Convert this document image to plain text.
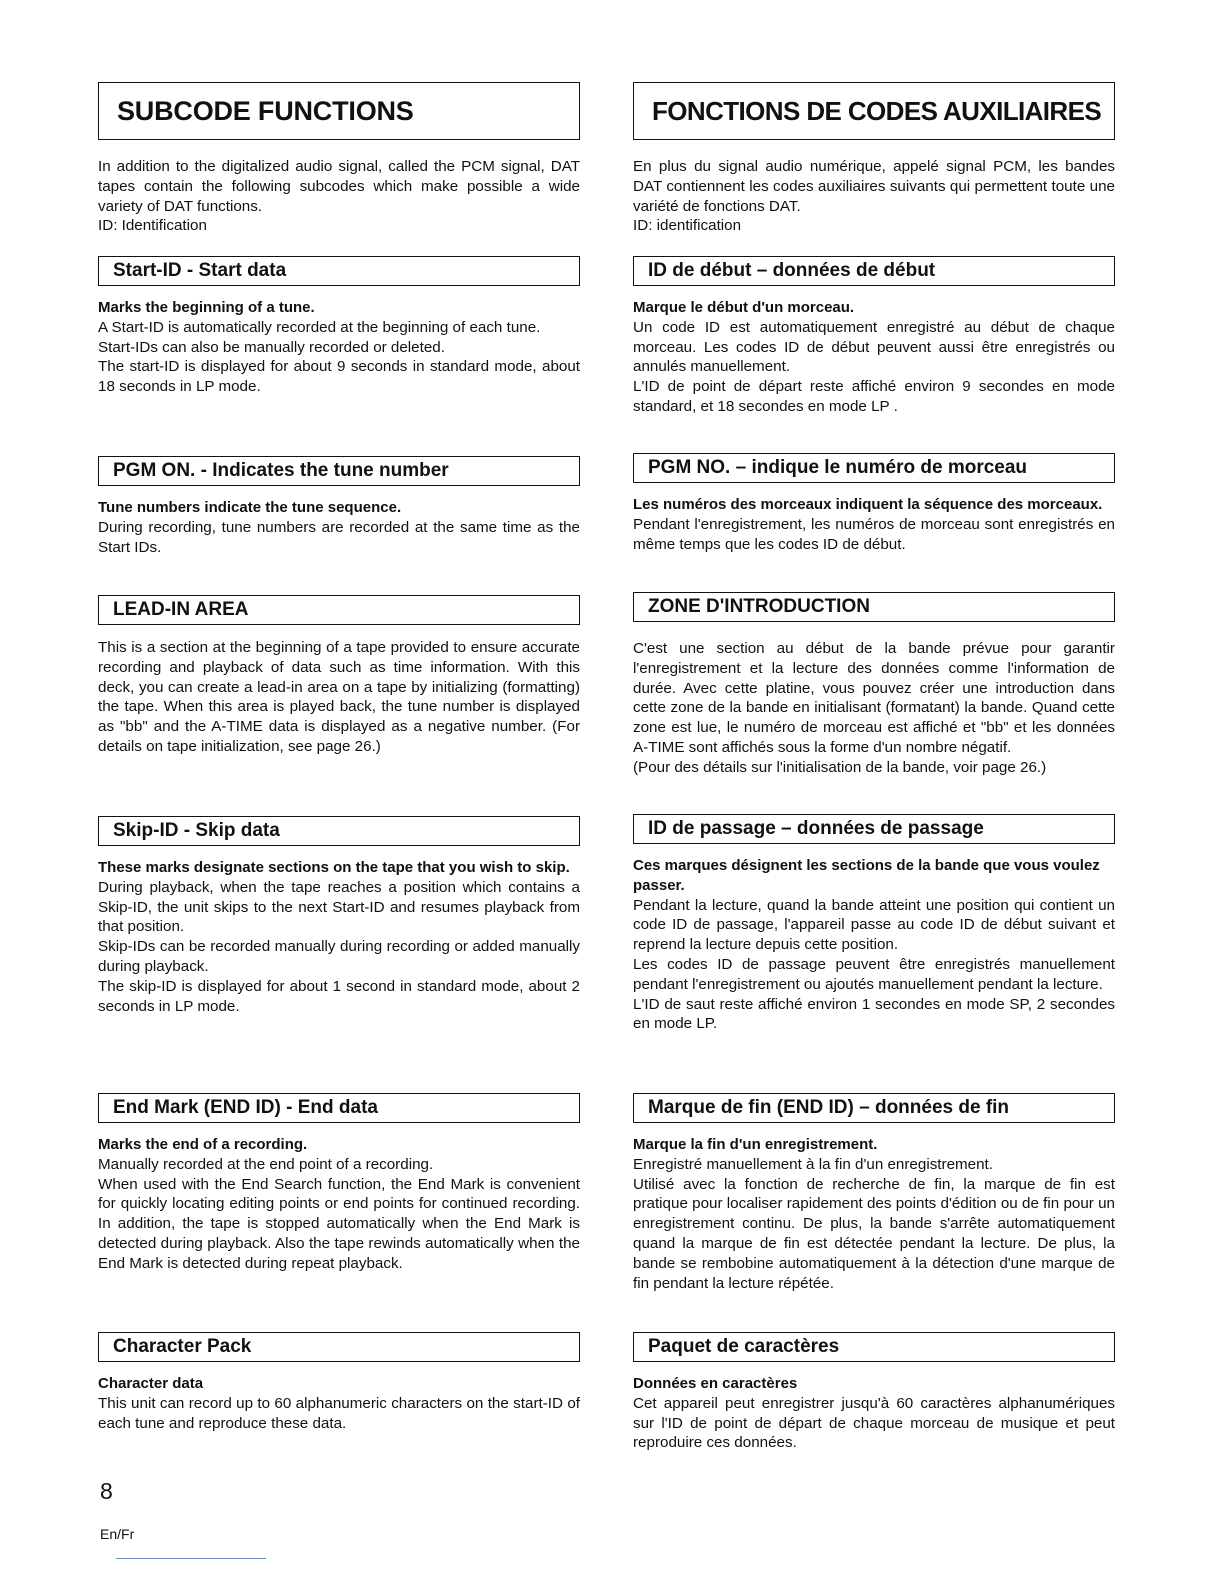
SUBCODE FUNCTIONS

In addition to the digitalized audio signal, called the PCM signal, DAT tapes contain the following subcodes which make possible a wide variety of DAT functions.

ID: Identification

Start-ID - Start data

Marks the beginning of a tune.

A Start-ID is automatically recorded at the beginning of each tune.

Start-IDs can also be manually recorded or deleted.

The start-ID is displayed for about 9 seconds in standard mode, about 18 seconds in LP mode.

PGM ON. - Indicates the tune number

Tune numbers indicate the tune sequence.

During recording, tune numbers are recorded at the same time as the Start IDs.

LEAD-IN AREA

This is a section at the beginning of a tape provided to ensure accurate recording and playback of data such as time information. With this deck, you can create a lead-in area on a tape by initializing (formatting) the tape. When this area is played back, the tune number is displayed as "bb" and the A-TIME data is displayed as a negative number. (For details on tape initialization, see page 26.)

Skip-ID - Skip data

These marks designate sections on the tape that you wish to skip.

During playback, when the tape reaches a position which contains a Skip-ID, the unit skips to the next Start-ID and resumes playback from that position.

Skip-IDs can be recorded manually during recording or added manually during playback.

The skip-ID is displayed for about 1 second in standard mode, about 2 seconds in LP mode.

End Mark (END ID) - End data

Marks the end of a recording.

Manually recorded at the end point of a recording.

When used with the End Search function, the End Mark is convenient for quickly locating editing points or end points for continued recording. In addition, the tape is stopped automatically when the End Mark is detected during playback. Also the tape rewinds automatically when the End Mark is detected during repeat playback.

Character Pack

Character data

This unit can record up to 60 alphanumeric characters on the start-ID of each tune and reproduce these data.

FONCTIONS DE CODES AUXILIAIRES

En plus du signal audio numérique, appelé signal PCM, les bandes DAT contiennent les codes auxiliaires suivants qui permettent toute une variété de fonctions DAT.

ID: identification

ID de début – données de début

Marque le début d'un morceau.

Un code ID est automatiquement enregistré au début de chaque morceau. Les codes ID de début peuvent aussi être enregistrés ou annulés manuellement.

L'ID de point de départ reste affiché environ 9 secondes en mode standard, et 18 secondes en mode LP .

PGM NO. – indique le numéro de morceau

Les numéros des morceaux indiquent la séquence des morceaux.

Pendant l'enregistrement, les numéros de morceau sont enregistrés en même temps que les codes ID de début.

ZONE D'INTRODUCTION

C'est une section au début de la bande prévue pour garantir l'enregistrement et la lecture des données comme l'information de durée. Avec cette platine, vous pouvez créer une introduction dans cette zone de la bande en initialisant (formatant) la bande. Quand cette zone est lue, le numéro de morceau est affiché et "bb" et les données A-TIME sont affichés sous la forme d'un nombre négatif.

(Pour des détails sur l'initialisation de la bande, voir page 26.)

ID de passage – données de passage

Ces marques désignent les sections de la bande que vous voulez passer.

Pendant la lecture, quand la bande atteint une position qui contient un code ID de passage, l'appareil passe au code ID de début suivant et reprend la lecture depuis cette position.

Les codes ID de passage peuvent être enregistrés manuellement pendant l'enregistrement ou ajoutés manuellement pendant la lecture.

L'ID de saut reste affiché environ 1 secondes en mode SP, 2 secondes en mode LP.

Marque de fin (END ID) – données de fin

Marque la fin d'un enregistrement.

Enregistré manuellement à la fin d'un enregistrement.

Utilisé avec la fonction de recherche de fin, la marque de fin est pratique pour localiser rapidement des points d'édition ou de fin pour un enregistrement continu. De plus, la bande s'arrête automatiquement quand la marque de fin est détectée pendant la lecture. De plus, la bande se rembobine automatiquement à la détection d'une marque de fin pendant la lecture répétée.

Paquet de caractères

Données en caractères

Cet appareil peut enregistrer jusqu'à 60 caractères alphanumériques sur l'ID de point de départ de chaque morceau de musique et peut reproduire ces données.

8
En/Fr
